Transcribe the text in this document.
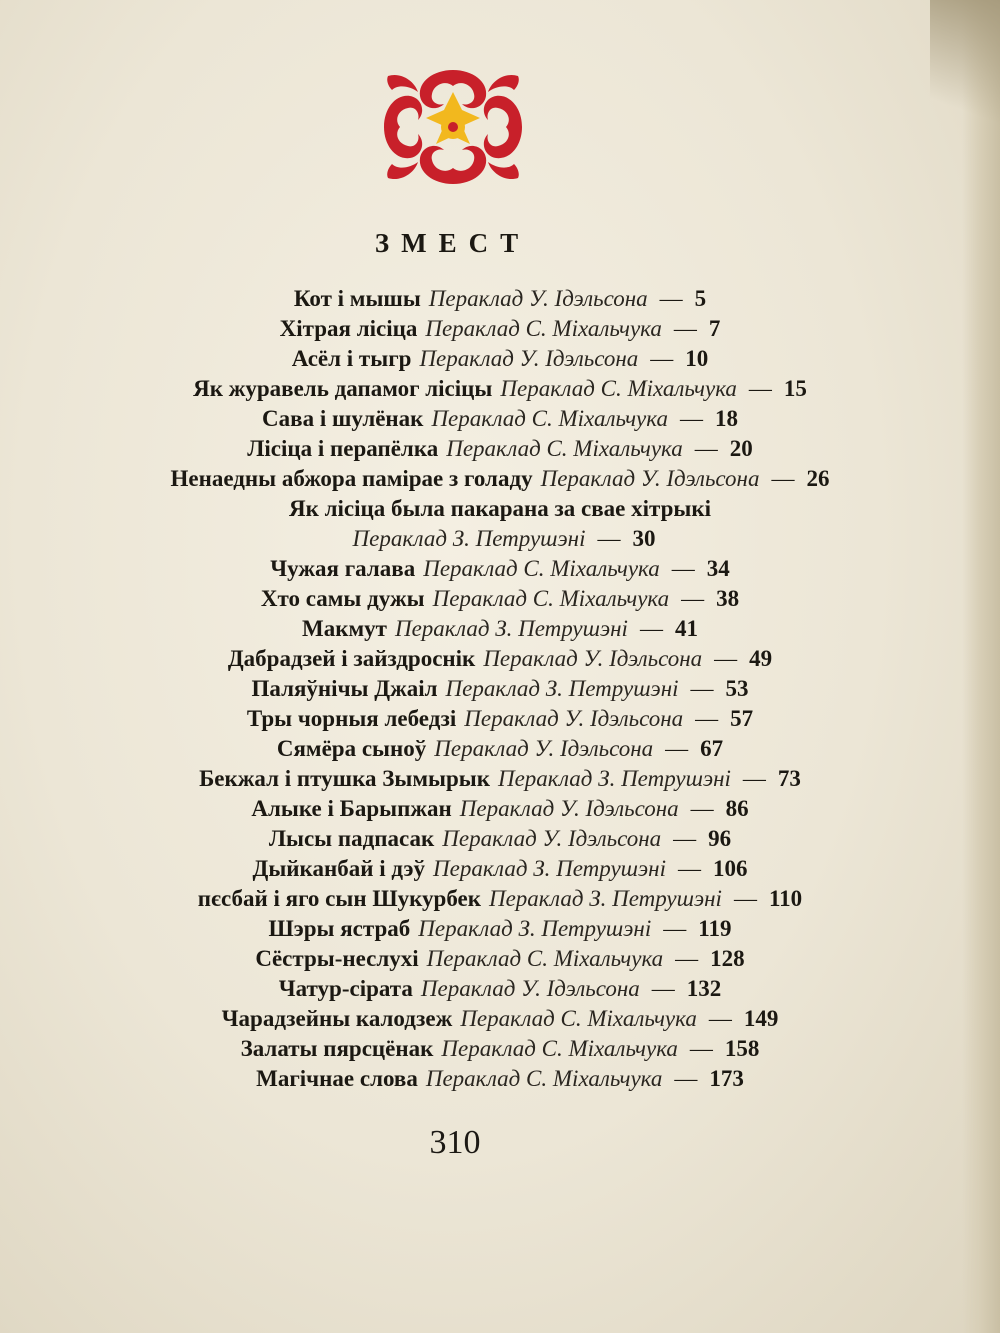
ЗМЕСТ
Кот і мышы Пераклад У. Ідэльсона — 5
Хітрая лісіца Пераклад С. Міхальчука — 7
Асёл і тыгр Пераклад У. Ідэльсона — 10
Як журавель дапамог лісіцы Пераклад С. Міхальчука — 15
Сава і шулёнак Пераклад С. Міхальчука — 18
Лісіца і перапёлка Пераклад С. Міхальчука — 20
Ненаедны абжора паміpae з голаду Пераклад У. Ідэльсона — 26
Як лісіца была пакарана за свае хітрыкі
Пераклад З. Петрушэні — 30
Чужая галава Пераклад С. Міхальчука — 34
Хто самы дужы Пераклад С. Міхальчука — 38
Макмут Пераклад З. Петрушэні — 41
Дабрадзей і зайздроснік Пераклад У. Ідэльсона — 49
Паляўнічы Джаіл Пераклад З. Петрушэні — 53
Тры чорныя лебедзі Пераклад У. Ідэльсона — 57
Сямёра сыноў Пераклад У. Ідэльсона — 67
Бекжал і птушка Зымырык Пераклад З. Петрушэні — 73
Алыке і Барыпжан Пераклад У. Ідэльсона — 86
Лысы падпасак Пераклад У. Ідэльсона — 96
Дыйканбай і дэў Пераклад З. Петрушэні — 106
пєсбай і яго сын Шукурбек Пераклад З. Петрушэні — 110
Шэры ястраб Пераклад З. Петрушэні — 119
Сёстры-неслухі Пераклад С. Міхальчука — 128
Чатур-сірата Пераклад У. Ідэльсона — 132
Чарадзейны калодзеж Пераклад С. Міхальчука — 149
Залаты пярсцёнак Пераклад С. Міхальчука — 158
Магічнае слова Пераклад С. Міхальчука — 173
310
